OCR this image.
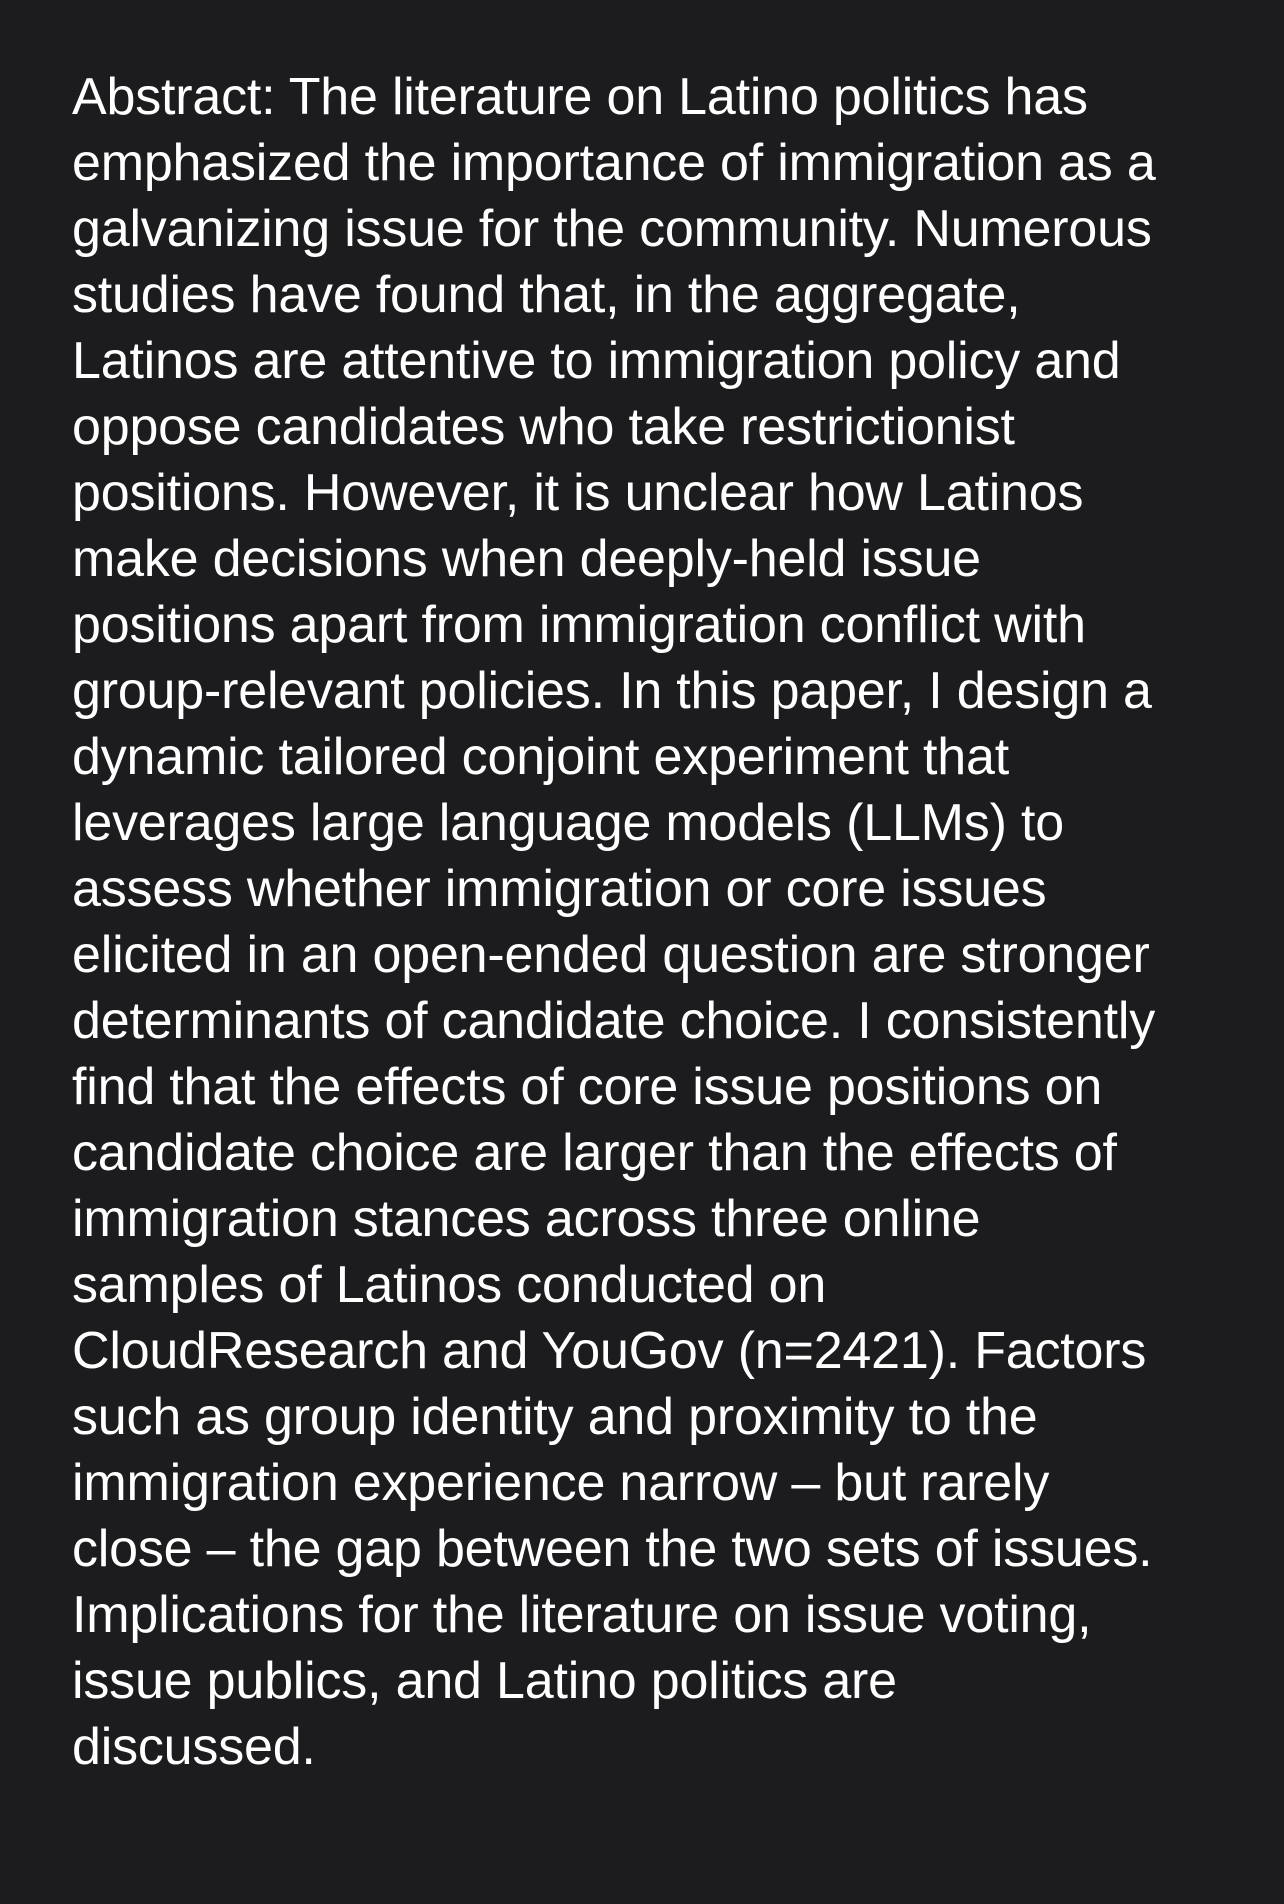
Abstract: The literature on Latino politics has
emphasized the importance of immigration as a
galvanizing issue for the community. Numerous
studies have found that, in the aggregate,
Latinos are attentive to immigration policy and
oppose candidates who take restrictionist
positions. However, it is unclear how Latinos
make decisions when deeply-held issue
positions apart from immigration conflict with
group-relevant policies. In this paper, I design a
dynamic tailored conjoint experiment that
leverages large language models (LLMs) to
assess whether immigration or core issues
elicited in an open-ended question are stronger
determinants of candidate choice. I consistently
find that the effects of core issue positions on
candidate choice are larger than the effects of
immigration stances across three online
samples of Latinos conducted on
CloudResearch and YouGov (n=2421). Factors
such as group identity and proximity to the
immigration experience narrow – but rarely
close – the gap between the two sets of issues.
Implications for the literature on issue voting,
issue publics, and Latino politics are
discussed.
